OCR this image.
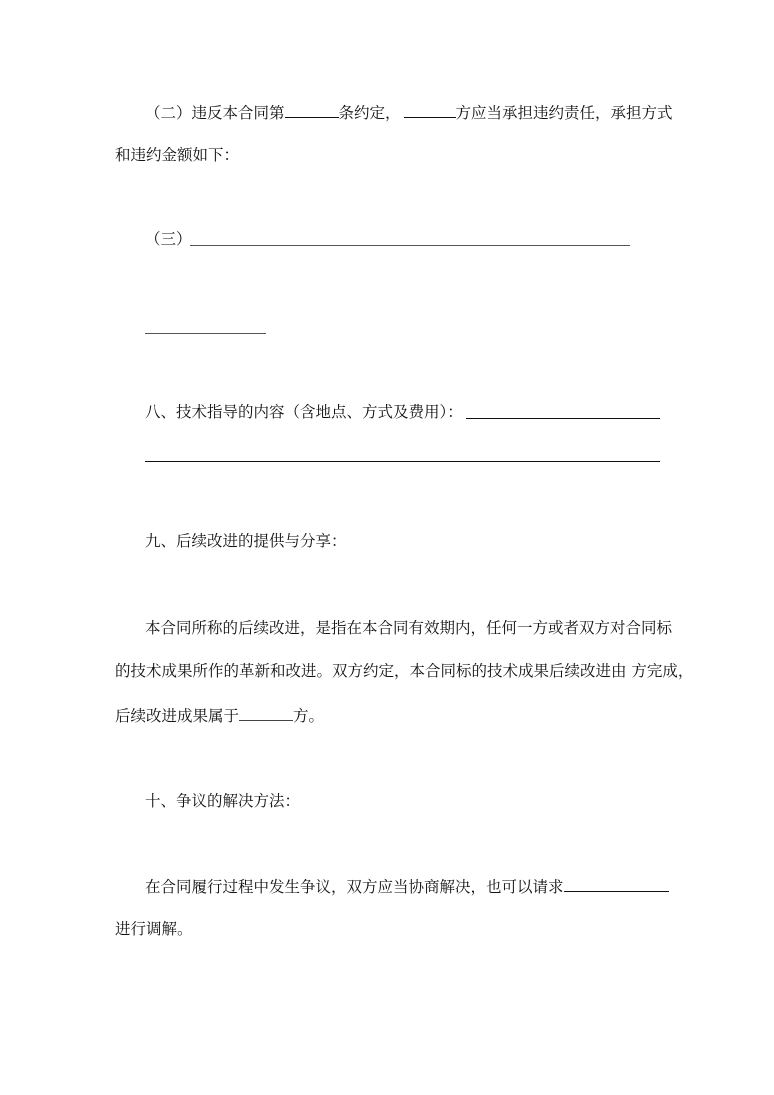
（二）违反本合同第	条约定，	方应当承担违约责任，承担方式
和违约金额如下：
（三）
八、技术指导的内容（含地点、方式及费用）：
九、后续改进的提供与分享：
本合同所称的后续改进，是指在本合同有效期内，任何一方或者双方对合同标
的技术成果所作的革新和改进。双方约定，本合同标的技术成果后续改进由 方完成，
后续改进成果属于	方。
十、争议的解决方法：
在合同履行过程中发生争议，双方应当协商解决，也可以请求
进行调解。
